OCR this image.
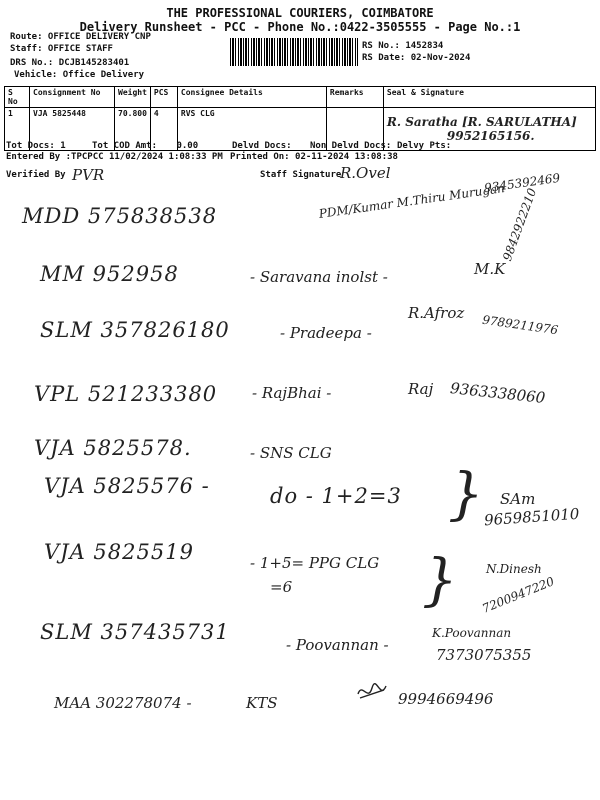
THE PROFESSIONAL COURIERS, COIMBATORE
Delivery Runsheet - PCC - Phone No.:0422-3505555 - Page No.:1
Route: OFFICE DELIVERY CNP
Staff: OFFICE STAFF
DRS No.: DCJB145283401
Vehicle: Office Delivery
RS No.: 1452834
RS Date: 02-Nov-2024
S No	Consignment No	Weight	PCS	Consignee Details	Remarks	Seal & Signature
1	VJA 5825448	70.800	4	RVS CLG		R. Saratha [R. SARULATHA]
9952165156.
Tot Docs: 1	Tot COD Amt: 0.00	Delvd Docs: Non Delvd Docs: Delvy Pts:
Entered By :TPCPCC 11/02/2024 1:08:33 PM Printed On: 02-11-2024 13:08:38
Verified By PVR	Staff Signature
R.Ovel
MDD 575838538	PDM/Kumar M.Thiru Murugan
9345392469
MM 952958	- Saravana inolst -	M.K
9842922210
SLM 357826180	- Pradeepa -
R.Afroz 9789211976
VPL 521233380 - RajBhai -	Raj 9363338060
VJA 5825578.	- SNS CLG
VJA 5825576 -	do - 1+2=3 } SAm
9659851010
VJA 5825519	- 1+5= PPG CLG
=6 } N.Dinesh
7200947220
SLM 357435731
- Poovannan -
K.Poovannan
7373075355
MAA 302278074 -	KTS	9994669496
